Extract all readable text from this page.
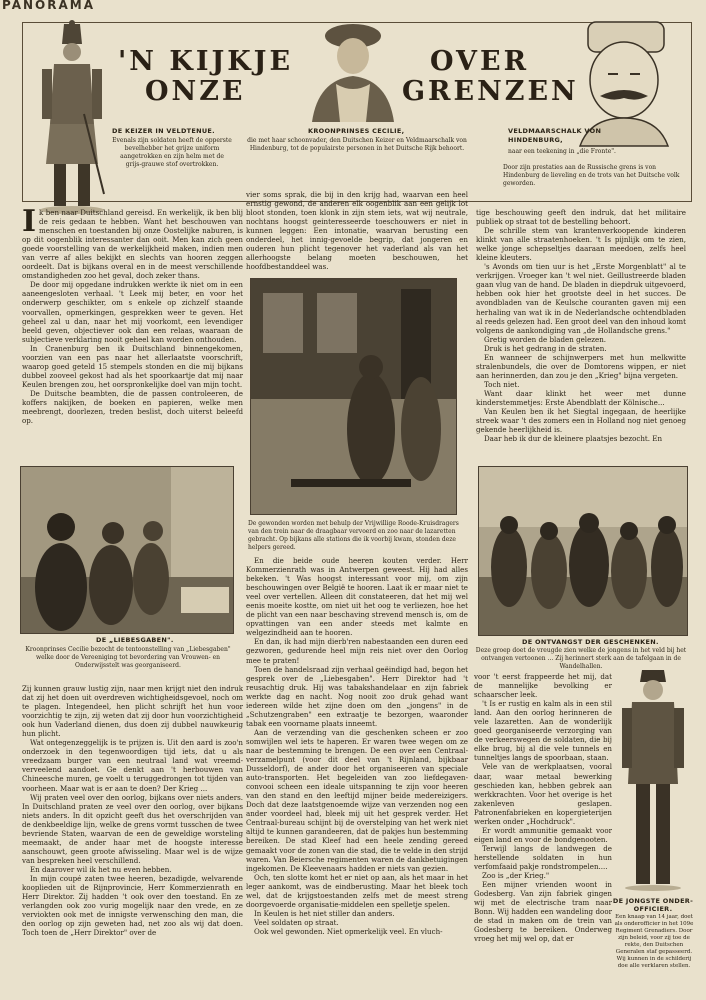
PANORAMA
DE KEIZER IN VELDTENUE.
Evenals zijn soldaten heeft de opperste bevelhebber het grijze uniform aangetrokken en zijn helm met de grijs-grauwe stof overtrokken.
'N KIJKJE	OVER
ONZE	GRENZEN
KROONPRINSES CECILIE,
die met haar schoonvader, den Duitschen Keizer en Veldmaarschalk von Hindenburg, tot de populairste personen in het Duitsche Rijk behoort.
VELDMAARSCHALK VON HINDENBURG,
naar een teekening in „die Fronte".
Door zijn prestaties aan de Russische grens is von Hindenburg de lieveling en de trots van het Duitsche volk geworden.

Ik ben naar Duitschland gereisd. En werkelijk, ik ben blij de reis gedaan te hebben. Want het beschouwen van menschen en toestanden bij onze Oostelijke naburen, is op dit oogenblik interessanter dan ooit. Men kan zich geen goede voorstelling van de werkelijkheid maken, indien men van verre af alles bekijkt en slechts van hooren zeggen oordeelt. Dat is bijkans overal en in de meest verschillende omstandigheden zoo het geval, doch zeker thans.

De door mij opgedane indrukken werkte ik niet om in een aaneengesloten verhaal. 't Leek mij beter, en voor het onderwerp geschikter, om s enkele op zichzelf staande voorvallen, opmerkingen, gesprekken weer te geven. Het geheel zal u dan, naar het mij voorkomt, een levendiger beeld geven, objectiever ook dan een relaas, waaraan de subjectieve verklaring nooit geheel kan worden onthouden.

In Cranenburg ben ik Duitschland binnengekomen, voorzien van een pas naar het allerlaatste voorschrift, waarop goed geteld 15 stempels stonden en die mij bijkans dubbel zooveel gekost had als het spoorkaartje dat mij naar Keulen brengen zou, het oorspronkelijke doel van mijn tocht.

De Duitsche beambten, die de passen controleeren, de koffers nakijken, de boeken en papieren, welke men meebrengt, doorlezen, treden beslist, doch uiterst beleefd op.

DE „LIEBESGABEN".
Kroonprinses Cecilie bezocht de tentoonstelling van „Liebesgaben" welke door de Vereeniging tot bevordering van Vrouwen- en Onderwijsstelt was georganiseerd.

Zij kunnen grauw lustig zijn, naar men krijgt niet den indruk dat zij het doen uit overdreven wichtigheidsgevoel, noch om te plagen. Integendeel, hen plicht schrijft het hun voor voorzichtig te zijn, zij weten dat zij door hun voorzichtigheid ook hun Vaderland dienen, dus doen zij dubbel nauwkeurig hun plicht.

Wat ontegenzeggelijk is te prijzen is. Uit den aard is zoo'n onderzoek in den tegenwoordigen tijd iets, dat u als vreedzaam burger van een neutraal land wat vreemd-verveelend aandoet. Ge denkt aan 't herbouwen van Chineesche muren, ge voelt u teruggedrongen tot tijden van voorheen. Maar wat is er aan te doen? Der Krieg ...

Wij praten veel over den oorlog, bijkans over niets anders. In Duitschland praten ze veel over den oorlog, over bijkans niets anders. In dit opzicht geeft dus het overschrijden van de denkbeeldige lijn, welke de grens vormt tusschen de twee bevriende Staten, waarvan de een de geweldige worsteling meemaakt, de ander haar met de hoogste interesse aanschouwt, geen groote afwisseling. Maar wel is de wijze van bespreken heel verschillend.

En daarover wil ik het nu even hebben.

In mijn coupé zaten twee heeren, bezadigde, welvarende kooplieden uit de Rijnprovincie, Herr Kommerzienrath en Herr Direktor. Zij hadden 't ook over den toestand. En ze verlangden ook zoo vurig mogelijk naar den vrede, en ze verviokten ook met de innigste verwensching den man, die den oorlog op zijn geweten had, net zoo als wij dat doen. Toch toen de „Herr Direktor" over de

vier soms sprak, die bij in den krijg had, waarvan een heel ernstig gewond, de anderen elk oogenblik aan een gelijk lot bloot stonden, toen klonk in zijn stem iets, wat wij neutrale, nochtans hoogst geinteresseerde toeschouwers er niet in kunnen leggen: Een intonatie, waarvan berusting een onderdeel, het innig-gevoelde begrip, dat jongeren en ouderen hun plicht tegenover het vaderland als van het allerhoogste belang moeten beschouwen, het hoofdbestanddeel was.

De gewonden worden met behulp der Vrijwillige Roode-Kruisdragers van den trein naar de draagbaar vervoerd en zoo naar de lazaretten gebracht. Op bijkans alle stations die ik voorbij kwam, stonden deze helpers gereed.

En die beide oude heeren kouten verder. Herr Kommerzienrath was in Antwerpen geweest. Hij had alles bekeken. 't Was hoogst interessant voor mij, om zijn beschouwingen over België te hooren. Laat ik er maar niet te veel over vertellen. Alleen dit constateeren, dat het mij wel eenis moeite kostte, om niet uit het oog te verliezen, hoe het de plicht van een naar beschaving strevend mensch is, om de opvattingen van een ander steeds met kalmte en welgezindheid aan te hooren.

En dan, ik had mijn dierb'ren nabestaanden een duren eed gezworen, gedurende heel mijn reis niet over den Oorlog mee te praten!

Toen de handelsraad zijn verhaal geëindigd had, begon het gesprek over de „Liebesgaben". Herr Direktor had 't reusachtig druk. Hij was tabakshandelaar en zijn fabriek werkte dag en nacht. Nog nooit zoo druk gehad want iedereen wilde het zijne doen om den „jongens" in de „Schutzengraben" een extraatje te bezorgen, waaronder tabak een voorname plaats inneemt.

Aan de verzending van die geschenken scheen er zoo somwijlen wel iets te haperen. Er waren twee wegen om ze naar de bestemming te brengen. De een over een Centraal-verzamelpunt (voor dit deel van 't Rijnland, bijkbaar Dusseldorf), de ander door het organiseeren van speciale auto-transporten. Het begeleiden van zoo liefdegaven-convooi scheen een ideale uitspanning te zijn voor heeren van den stand en den leeftijd mijner beide medereizigers. Doch dat deze laatstgenoemde wijze van verzenden nog een ander voordeel had, bleek mij uit het gesprek verder. Het Centraal-bureau schijnt bij de overstelping van het werk niet altijd te kunnen garandeeren, dat de pakjes hun bestemming bereiken. De stad Kleef had een heele zending gereed gemaakt voor de zonen van die stad, die te velde in den strijd waren. Van Beiersche regimenten waren de dankbetuigingen ingekomen. De Kleevenaars hadden er niets van gezien.

Och, ten slotte komt het er niet op aan, als het maar in het leger aankomt, was de eindberusting. Maar het bleek toch wel, dat de krijgstoestanden zelfs met de meest streng doorgevoerde organisatie-middelen een spelletje spelen.

In Keulen is het niet stiller dan anders.

Veel soldaten op straat.

Ook wel gewonden. Niet opmerkelijk veel. En vluch-

tige beschouwing geeft den indruk, dat het militaire publiek op straat tot de bestelling behoort.

De schrille stem van krantenverkoopende kinderen klinkt van alle straatenhoeken. 't Is pijnlijk om te zien, welke jonge schepseltjes daaraan meedoen, zelfs heel kleine kleuters.

's Avonds om tien uur is het „Erste Morgenblatt" al te verkrijgen. Vroeger kan 't wel niet. Geillustreerde bladen gaan vlug van de hand. De bladen in diepdruk uitgevoerd, hebben ook hier het grootste deel in het succes. De avondbladen van de Keulsche couranten gaven mij een herhaling van wat ik in de Nederlandsche ochtendbladen al reeds gelezen had. Een groot deel van den inhoud komt volgens de aankondiging van „de Hollandsche grens."

Gretig worden de bladen gelezen.

Druk is het gedrang in de straten.

En wanneer de schijnwerpers met hun melkwitte stralenbundels, die over de Domtorens wippen, er niet aan herinnerden, dan zou je den „Krieg" bijna vergeten.

Toch niet.

Want daar klinkt het weer met dunne kinderstemmetjes: Erste Abendblatt der Kölnische...

Van Keulen ben ik het Siegtal ingegaan, de heerlijke streek waar 't des zomers een in Holland nog niet genoeg gekende heerlijkheid is.

Daar heb ik dur de kleinere plaatsjes bezocht. En

DE ONTVANGST DER GESCHENKEN.
Deze groep doet de vreugde zien welke de jongens in het veld bij het ontvangen vertoonen ... Zij herinnert sterk aan de tafelgaan in de Wandelhallen.

voor 't eerst frappeerde het mij, dat de mannelijke bevolking er schaarscher leek.

't Is er rustig en kalm als in een stil land. Aan den oorlog herinneren de vele lazaretten. Aan de wonderlijk goed georganiseerde verzorging van de verkeerswegen de soldaten, die bij elke brug, bij al die vele tunnels en tunneltjes langs de spoorbaan, staan.

Vele van de werkplaatsen, vooral daar, waar metaal bewerking geschieden kan, hebben gebrek aan werkkrachten. Voor het overige is het zakenleven geslapen. Patronenfabrieken en kopergieterijen werken onder „Hochdruck".

Er wordt ammunitie gemaakt voor eigen land en voor de bondgenooten.

Terwijl langs de landwegen de herstellende soldaten in hun verfomfaaid pakje rondstrompelen....

Zoo is „der Krieg."

Een mijner vrienden woont in Godesberg. Van zijn fabriek gingen wij met de electrische tram naar Bonn. Wij hadden een wandeling door de stad in maken om de trein van Godesberg te bereiken. Onderweg vroeg het mij wel op, dat er

DE JONGSTE ONDER-OFFICIER.
Een knaap van 14 jaar, doet als onderofficier in het 109e Regiment Grenadiers. Door zijn beleid, voor zij toe de rekte, den Duitschen Generalen staf gepasseerd. Wij kunnen in de schilderij doe alle verklaren stellen.
